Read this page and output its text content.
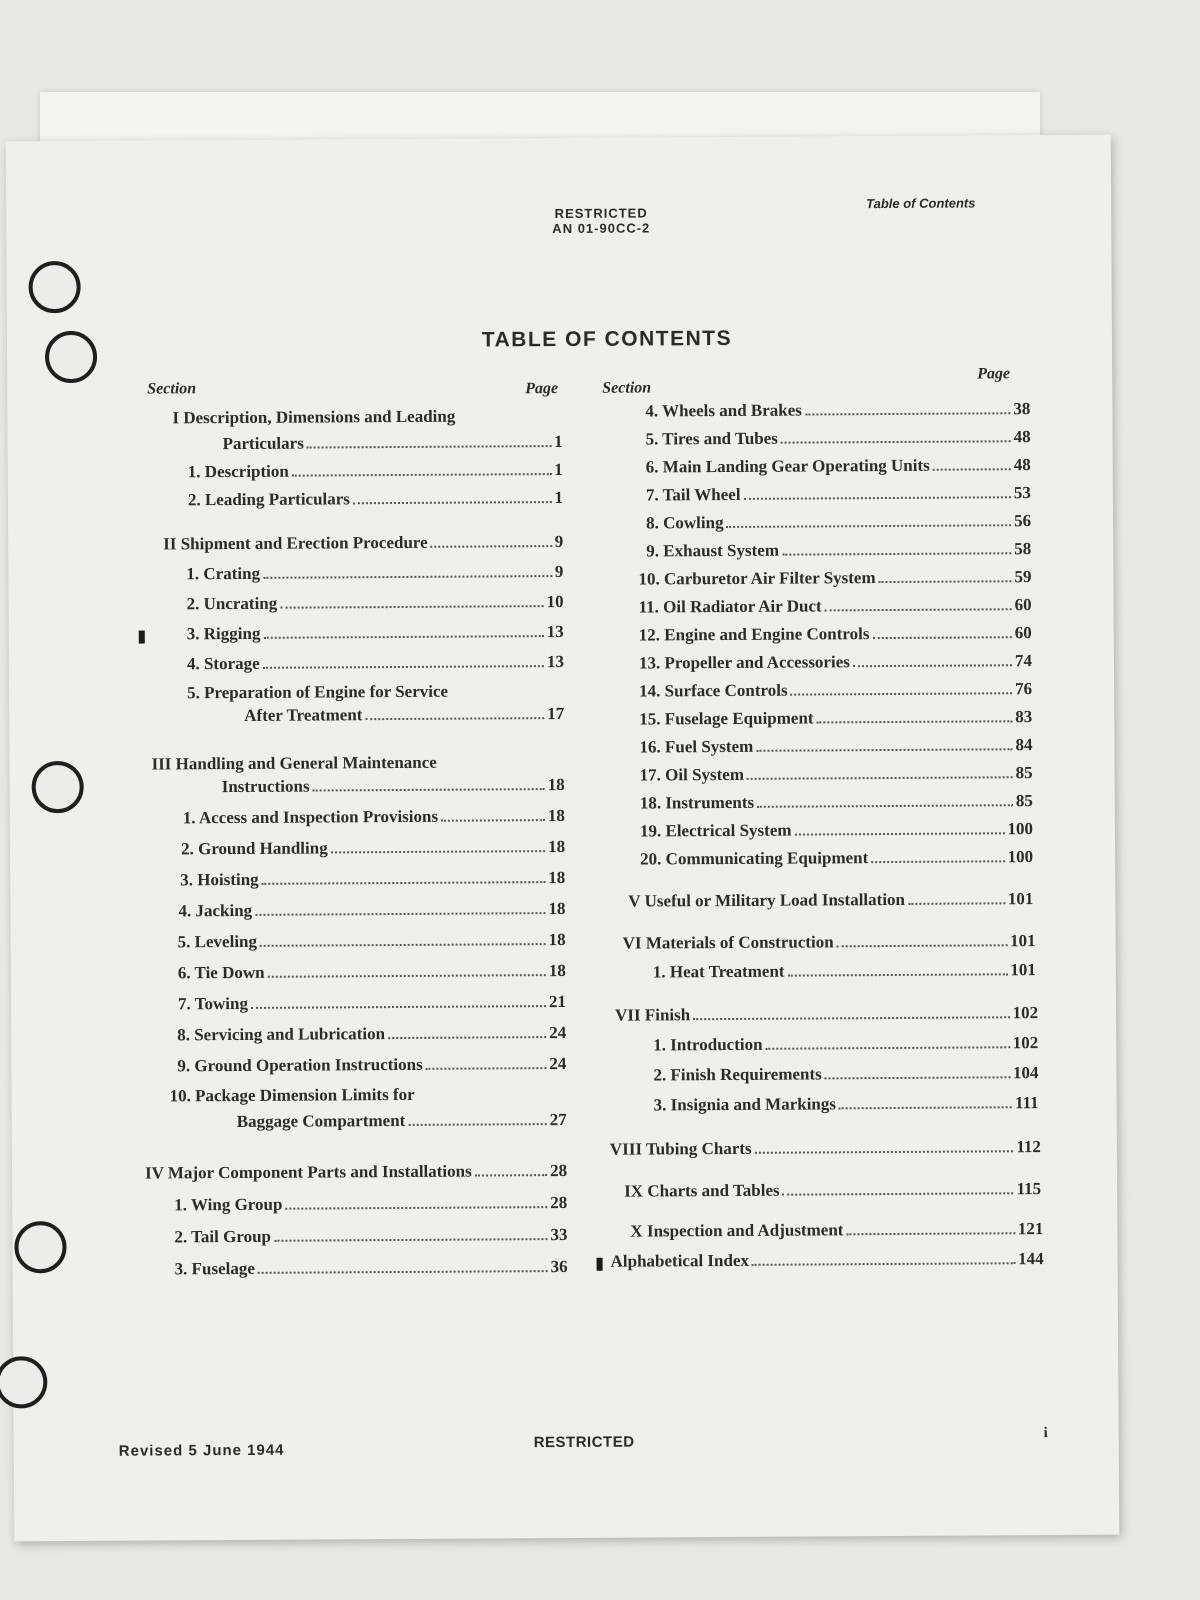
RESTRICTED
AN 01-90CC-2
Table of Contents
TABLE OF CONTENTS
Section	Page	Section
Page
I Description, Dimensions and Leading
Particulars	1
1. Description	1
2. Leading Particulars	1
II Shipment and Erection Procedure	9
1. Crating	9
2. Uncrating	10
3. Rigging	13
4. Storage	13
5. Preparation of Engine for Service
After Treatment	17
III Handling and General Maintenance
Instructions	18
1. Access and Inspection Provisions	18
2. Ground Handling	18
3. Hoisting	18
4. Jacking	18
5. Leveling	18
6. Tie Down	18
7. Towing	21
8. Servicing and Lubrication	24
9. Ground Operation Instructions	24
10. Package Dimension Limits for
Baggage Compartment	27
IV Major Component Parts and Installations	28
1. Wing Group	28
2. Tail Group	33
3. Fuselage	36
4. Wheels and Brakes	38
5. Tires and Tubes	48
6. Main Landing Gear Operating Units	48
7. Tail Wheel	53
8. Cowling	56
9. Exhaust System	58
10. Carburetor Air Filter System	59
11. Oil Radiator Air Duct	60
12. Engine and Engine Controls	60
13. Propeller and Accessories	74
14. Surface Controls	76
15. Fuselage Equipment	83
16. Fuel System	84
17. Oil System	85
18. Instruments	85
19. Electrical System	100
20. Communicating Equipment	100
V Useful or Military Load Installation	101
VI Materials of Construction	101
1. Heat Treatment	101
VII Finish	102
1. Introduction	102
2. Finish Requirements	104
3. Insignia and Markings	111
VIII Tubing Charts	112
IX Charts and Tables	115
X Inspection and Adjustment	121
Alphabetical Index	144
Revised 5 June 1944	RESTRICTED
i
